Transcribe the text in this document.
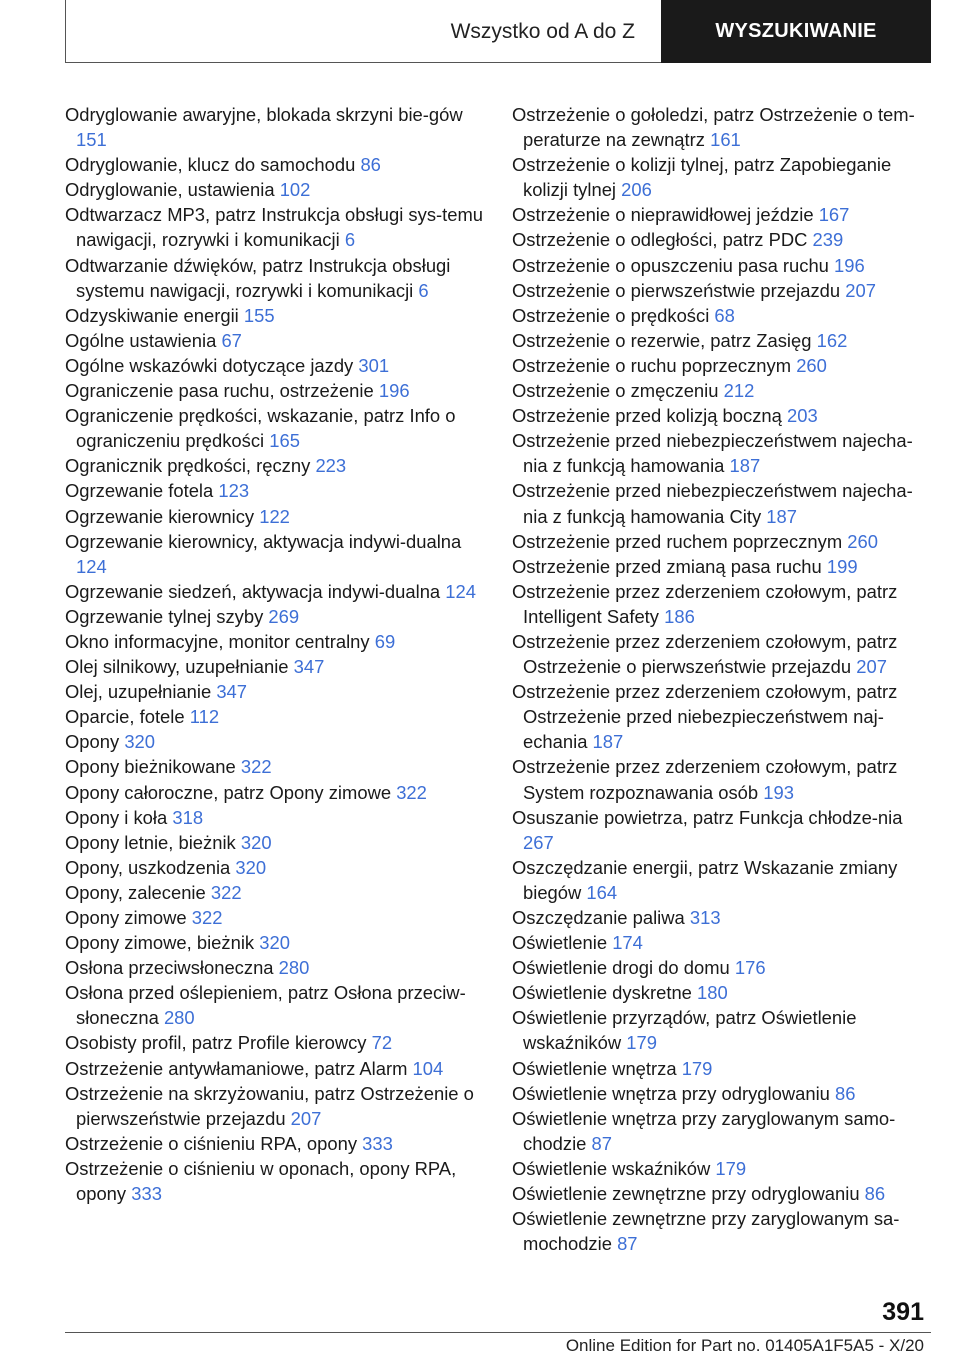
Wszystko od A do Z	WYSZUKIWANIE
Odryglowanie awaryjne, blokada skrzyni bie-gów 151
Odryglowanie, klucz do samochodu 86
Odryglowanie, ustawienia 102
Odtwarzacz MP3, patrz Instrukcja obsługi sys-temu nawigacji, rozrywki i komunikacji 6
Odtwarzanie dźwięków, patrz Instrukcja obsługi systemu nawigacji, rozrywki i komunikacji 6
Odzyskiwanie energii 155
Ogólne ustawienia 67
Ogólne wskazówki dotyczące jazdy 301
Ograniczenie pasa ruchu, ostrzeżenie 196
Ograniczenie prędkości, wskazanie, patrz Info o ograniczeniu prędkości 165
Ogranicznik prędkości, ręczny 223
Ogrzewanie fotela 123
Ogrzewanie kierownicy 122
Ogrzewanie kierownicy, aktywacja indywi-dualna 124
Ogrzewanie siedzeń, aktywacja indywi-dualna 124
Ogrzewanie tylnej szyby 269
Okno informacyjne, monitor centralny 69
Olej silnikowy, uzupełnianie 347
Olej, uzupełnianie 347
Oparcie, fotele 112
Opony 320
Opony bieżnikowane 322
Opony całoroczne, patrz Opony zimowe 322
Opony i koła 318
Opony letnie, bieżnik 320
Opony, uszkodzenia 320
Opony, zalecenie 322
Opony zimowe 322
Opony zimowe, bieżnik 320
Osłona przeciwsłoneczna 280
Osłona przed oślepieniem, patrz Osłona przeciw-słoneczna 280
Osobisty profil, patrz Profile kierowcy 72
Ostrzeżenie antywłamaniowe, patrz Alarm 104
Ostrzeżenie na skrzyżowaniu, patrz Ostrzeżenie o pierwszeństwie przejazdu 207
Ostrzeżenie o ciśnieniu RPA, opony 333
Ostrzeżenie o ciśnieniu w oponach, opony RPA, opony 333
Ostrzeżenie o gołoledzi, patrz Ostrzeżenie o tem-peraturze na zewnątrz 161
Ostrzeżenie o kolizji tylnej, patrz Zapobieganie kolizji tylnej 206
Ostrzeżenie o nieprawidłowej jeździe 167
Ostrzeżenie o odległości, patrz PDC 239
Ostrzeżenie o opuszczeniu pasa ruchu 196
Ostrzeżenie o pierwszeństwie przejazdu 207
Ostrzeżenie o prędkości 68
Ostrzeżenie o rezerwie, patrz Zasięg 162
Ostrzeżenie o ruchu poprzecznym 260
Ostrzeżenie o zmęczeniu 212
Ostrzeżenie przed kolizją boczną 203
Ostrzeżenie przed niebezpieczeństwem najecha-nia z funkcją hamowania 187
Ostrzeżenie przed niebezpieczeństwem najecha-nia z funkcją hamowania City 187
Ostrzeżenie przed ruchem poprzecznym 260
Ostrzeżenie przed zmianą pasa ruchu 199
Ostrzeżenie przez zderzeniem czołowym, patrz Intelligent Safety 186
Ostrzeżenie przez zderzeniem czołowym, patrz Ostrzeżenie o pierwszeństwie przejazdu 207
Ostrzeżenie przez zderzeniem czołowym, patrz Ostrzeżenie przed niebezpieczeństwem naj-echania 187
Ostrzeżenie przez zderzeniem czołowym, patrz System rozpoznawania osób 193
Osuszanie powietrza, patrz Funkcja chłodze-nia 267
Oszczędzanie energii, patrz Wskazanie zmiany biegów 164
Oszczędzanie paliwa 313
Oświetlenie 174
Oświetlenie drogi do domu 176
Oświetlenie dyskretne 180
Oświetlenie przyrządów, patrz Oświetlenie wskaźników 179
Oświetlenie wnętrza 179
Oświetlenie wnętrza przy odryglowaniu 86
Oświetlenie wnętrza przy zaryglowanym samo-chodzie 87
Oświetlenie wskaźników 179
Oświetlenie zewnętrzne przy odryglowaniu 86
Oświetlenie zewnętrzne przy zaryglowanym sa-mochodzie 87
391
Online Edition for Part no. 01405A1F5A5 - X/20
